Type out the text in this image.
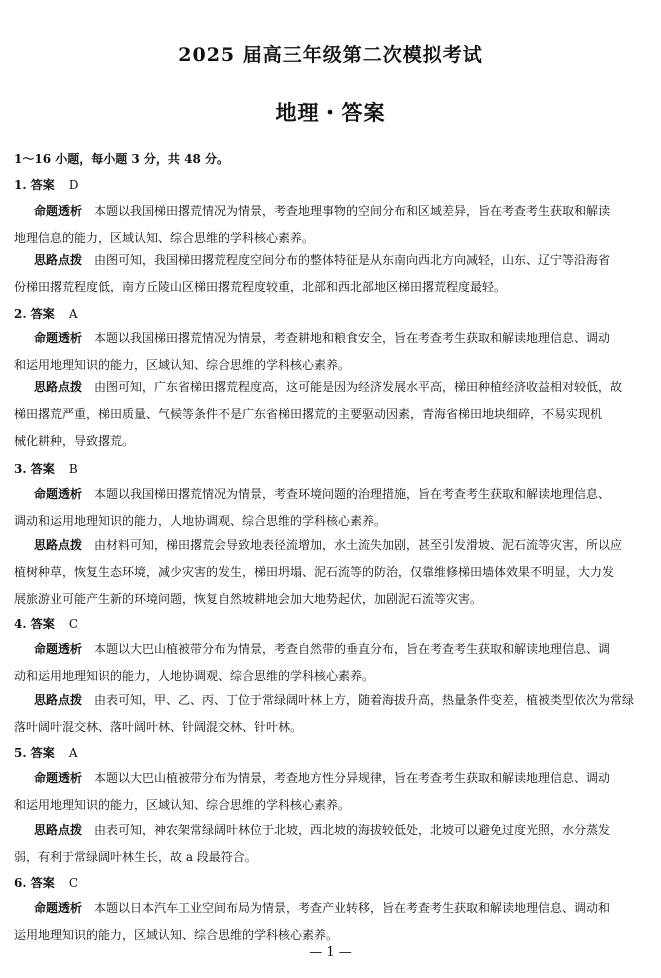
2025 届高三年级第二次模拟考试
地理・答案
1～16 小题，每小题 3 分，共 48 分。
1. 答案 D
命题透析 本题以我国梯田撂荒情况为情景，考查地理事物的空间分布和区域差异，旨在考查考生获取和解读
地理信息的能力，区域认知、综合思维的学科核心素养。
思路点拨 由图可知，我国梯田撂荒程度空间分布的整体特征是从东南向西北方向减轻，山东、辽宁等沿海省
份梯田撂荒程度低，南方丘陵山区梯田撂荒程度较重，北部和西北部地区梯田撂荒程度最轻。
2. 答案 A
命题透析 本题以我国梯田撂荒情况为情景，考查耕地和粮食安全，旨在考查考生获取和解读地理信息、调动
和运用地理知识的能力，区域认知、综合思维的学科核心素养。
思路点拨 由图可知，广东省梯田撂荒程度高，这可能是因为经济发展水平高，梯田种植经济收益相对较低，故
梯田撂荒严重，梯田质量、气候等条件不是广东省梯田撂荒的主要驱动因素，青海省梯田地块细碎，不易实现机
械化耕种，导致撂荒。
3. 答案 B
命题透析 本题以我国梯田撂荒情况为情景，考查环境问题的治理措施，旨在考查考生获取和解读地理信息、
调动和运用地理知识的能力，人地协调观、综合思维的学科核心素养。
思路点拨 由材料可知，梯田撂荒会导致地表径流增加，水土流失加剧，甚至引发滑坡、泥石流等灾害，所以应
植树种草，恢复生态环境，减少灾害的发生，梯田坍塌、泥石流等的防治，仅靠维修梯田墙体效果不明显，大力发
展旅游业可能产生新的环境问题，恢复自然坡耕地会加大地势起伏，加剧泥石流等灾害。
4. 答案 C
命题透析 本题以大巴山植被带分布为情景，考查自然带的垂直分布，旨在考查考生获取和解读地理信息、调
动和运用地理知识的能力，人地协调观、综合思维的学科核心素养。
思路点拨 由表可知，甲、乙、丙、丁位于常绿阔叶林上方，随着海拔升高，热量条件变差，植被类型依次为常绿
落叶阔叶混交林、落叶阔叶林、针阔混交林、针叶林。
5. 答案 A
命题透析 本题以大巴山植被带分布为情景，考查地方性分异规律，旨在考查考生获取和解读地理信息、调动
和运用地理知识的能力，区域认知、综合思维的学科核心素养。
思路点拨 由表可知，神农架常绿阔叶林位于北坡，西北坡的海拔较低处，北坡可以避免过度光照，水分蒸发
弱，有利于常绿阔叶林生长，故 a 段最符合。
6. 答案 C
命题透析 本题以日本汽车工业空间布局为情景，考查产业转移，旨在考查考生获取和解读地理信息、调动和
运用地理知识的能力，区域认知、综合思维的学科核心素养。
— 1 —
